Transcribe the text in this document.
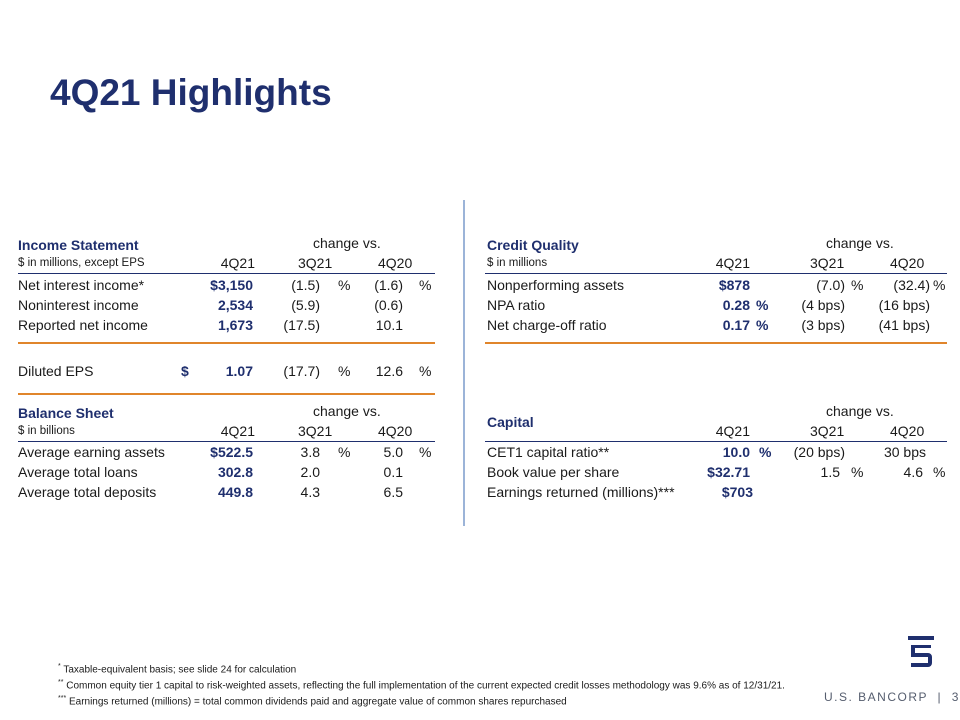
4Q21 Highlights
Income Statement	change vs.
$ in millions, except EPS	4Q21	3Q21	4Q20
Net interest income*	$3,150	(1.5) %	(1.6) %
Noninterest income	2,534	(5.9)	(0.6)
Reported net income	1,673 (17.5)	10.1
Diluted EPS	$	1.07 (17.7) %	12.6 %
Balance Sheet	change vs.
$ in billions	4Q21	3Q21	4Q20
Average earning assets	$522.5	3.8 %	5.0 %
Average total loans	302.8	2.0	0.1
Average total deposits	449.8	4.3	6.5
Credit Quality	change vs.
$ in millions	4Q21	3Q21	4Q20
Nonperforming assets	$878	(7.0) %	(32.4) %
NPA ratio	0.28 %	(4 bps)	(16 bps)
Net charge-off ratio	0.17 %	(3 bps)	(41 bps)
Capital
change vs.
4Q21	3Q21	4Q20
CET1 capital ratio**	10.0 %	(20 bps)	30 bps
Book value per share	$32.71	1.5 %	4.6 %
Earnings returned (millions)***	$703
* Taxable-equivalent basis; see slide 24 for calculation
** Common equity tier 1 capital to risk-weighted assets, reflecting the full implementation of the current expected credit losses methodology was 9.6% as of 12/31/21.
*** Earnings returned (millions) = total common dividends paid and aggregate value of common shares repurchased	U.S. BANCORP  |  3
